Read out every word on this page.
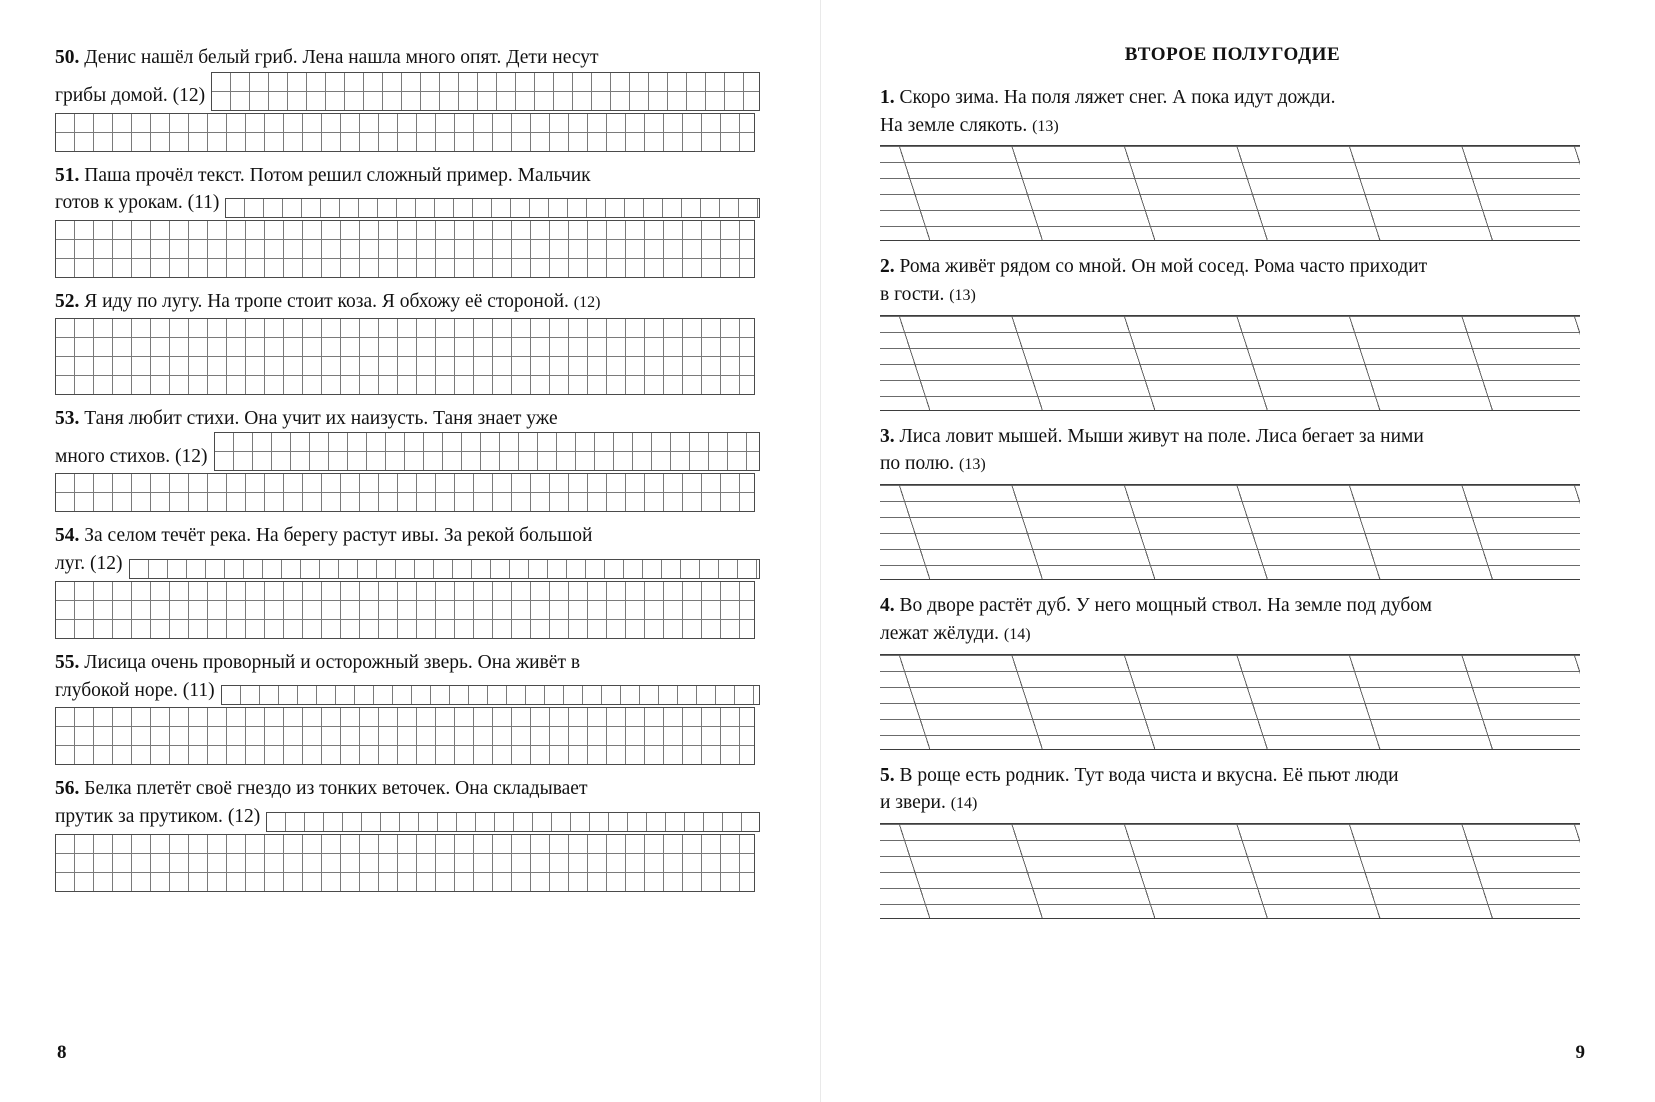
50. Денис нашёл белый гриб. Лена нашла много опят. Дети несут
грибы домой. (12)
51. Паша прочёл текст. Потом решил сложный пример. Мальчик
готов к урокам. (11)
52. Я иду по лугу. На тропе стоит коза. Я обхожу её стороной. (12)
53. Таня любит стихи. Она учит их наизусть. Таня знает уже
много стихов. (12)
54. За селом течёт река. На берегу растут ивы. За рекой большой
луг. (12)
55. Лисица очень проворный и осторожный зверь. Она живёт в
глубокой норе. (11)
56. Белка плетёт своё гнездо из тонких веточек. Она складывает
прутик за прутиком. (12)
8
ВТОРОЕ ПОЛУГОДИЕ
1. Скоро зима. На поля ляжет снег. А пока идут дожди.
На земле слякоть. (13)
2. Рома живёт рядом со мной. Он мой сосед. Рома часто приходит
в гости. (13)
3. Лиса ловит мышей. Мыши живут на поле. Лиса бегает за ними
по полю. (13)
4. Во дворе растёт дуб. У него мощный ствол. На земле под дубом
лежат жёлуди. (14)
5. В роще есть родник. Тут вода чиста и вкусна. Её пьют люди
и звери. (14)
9
